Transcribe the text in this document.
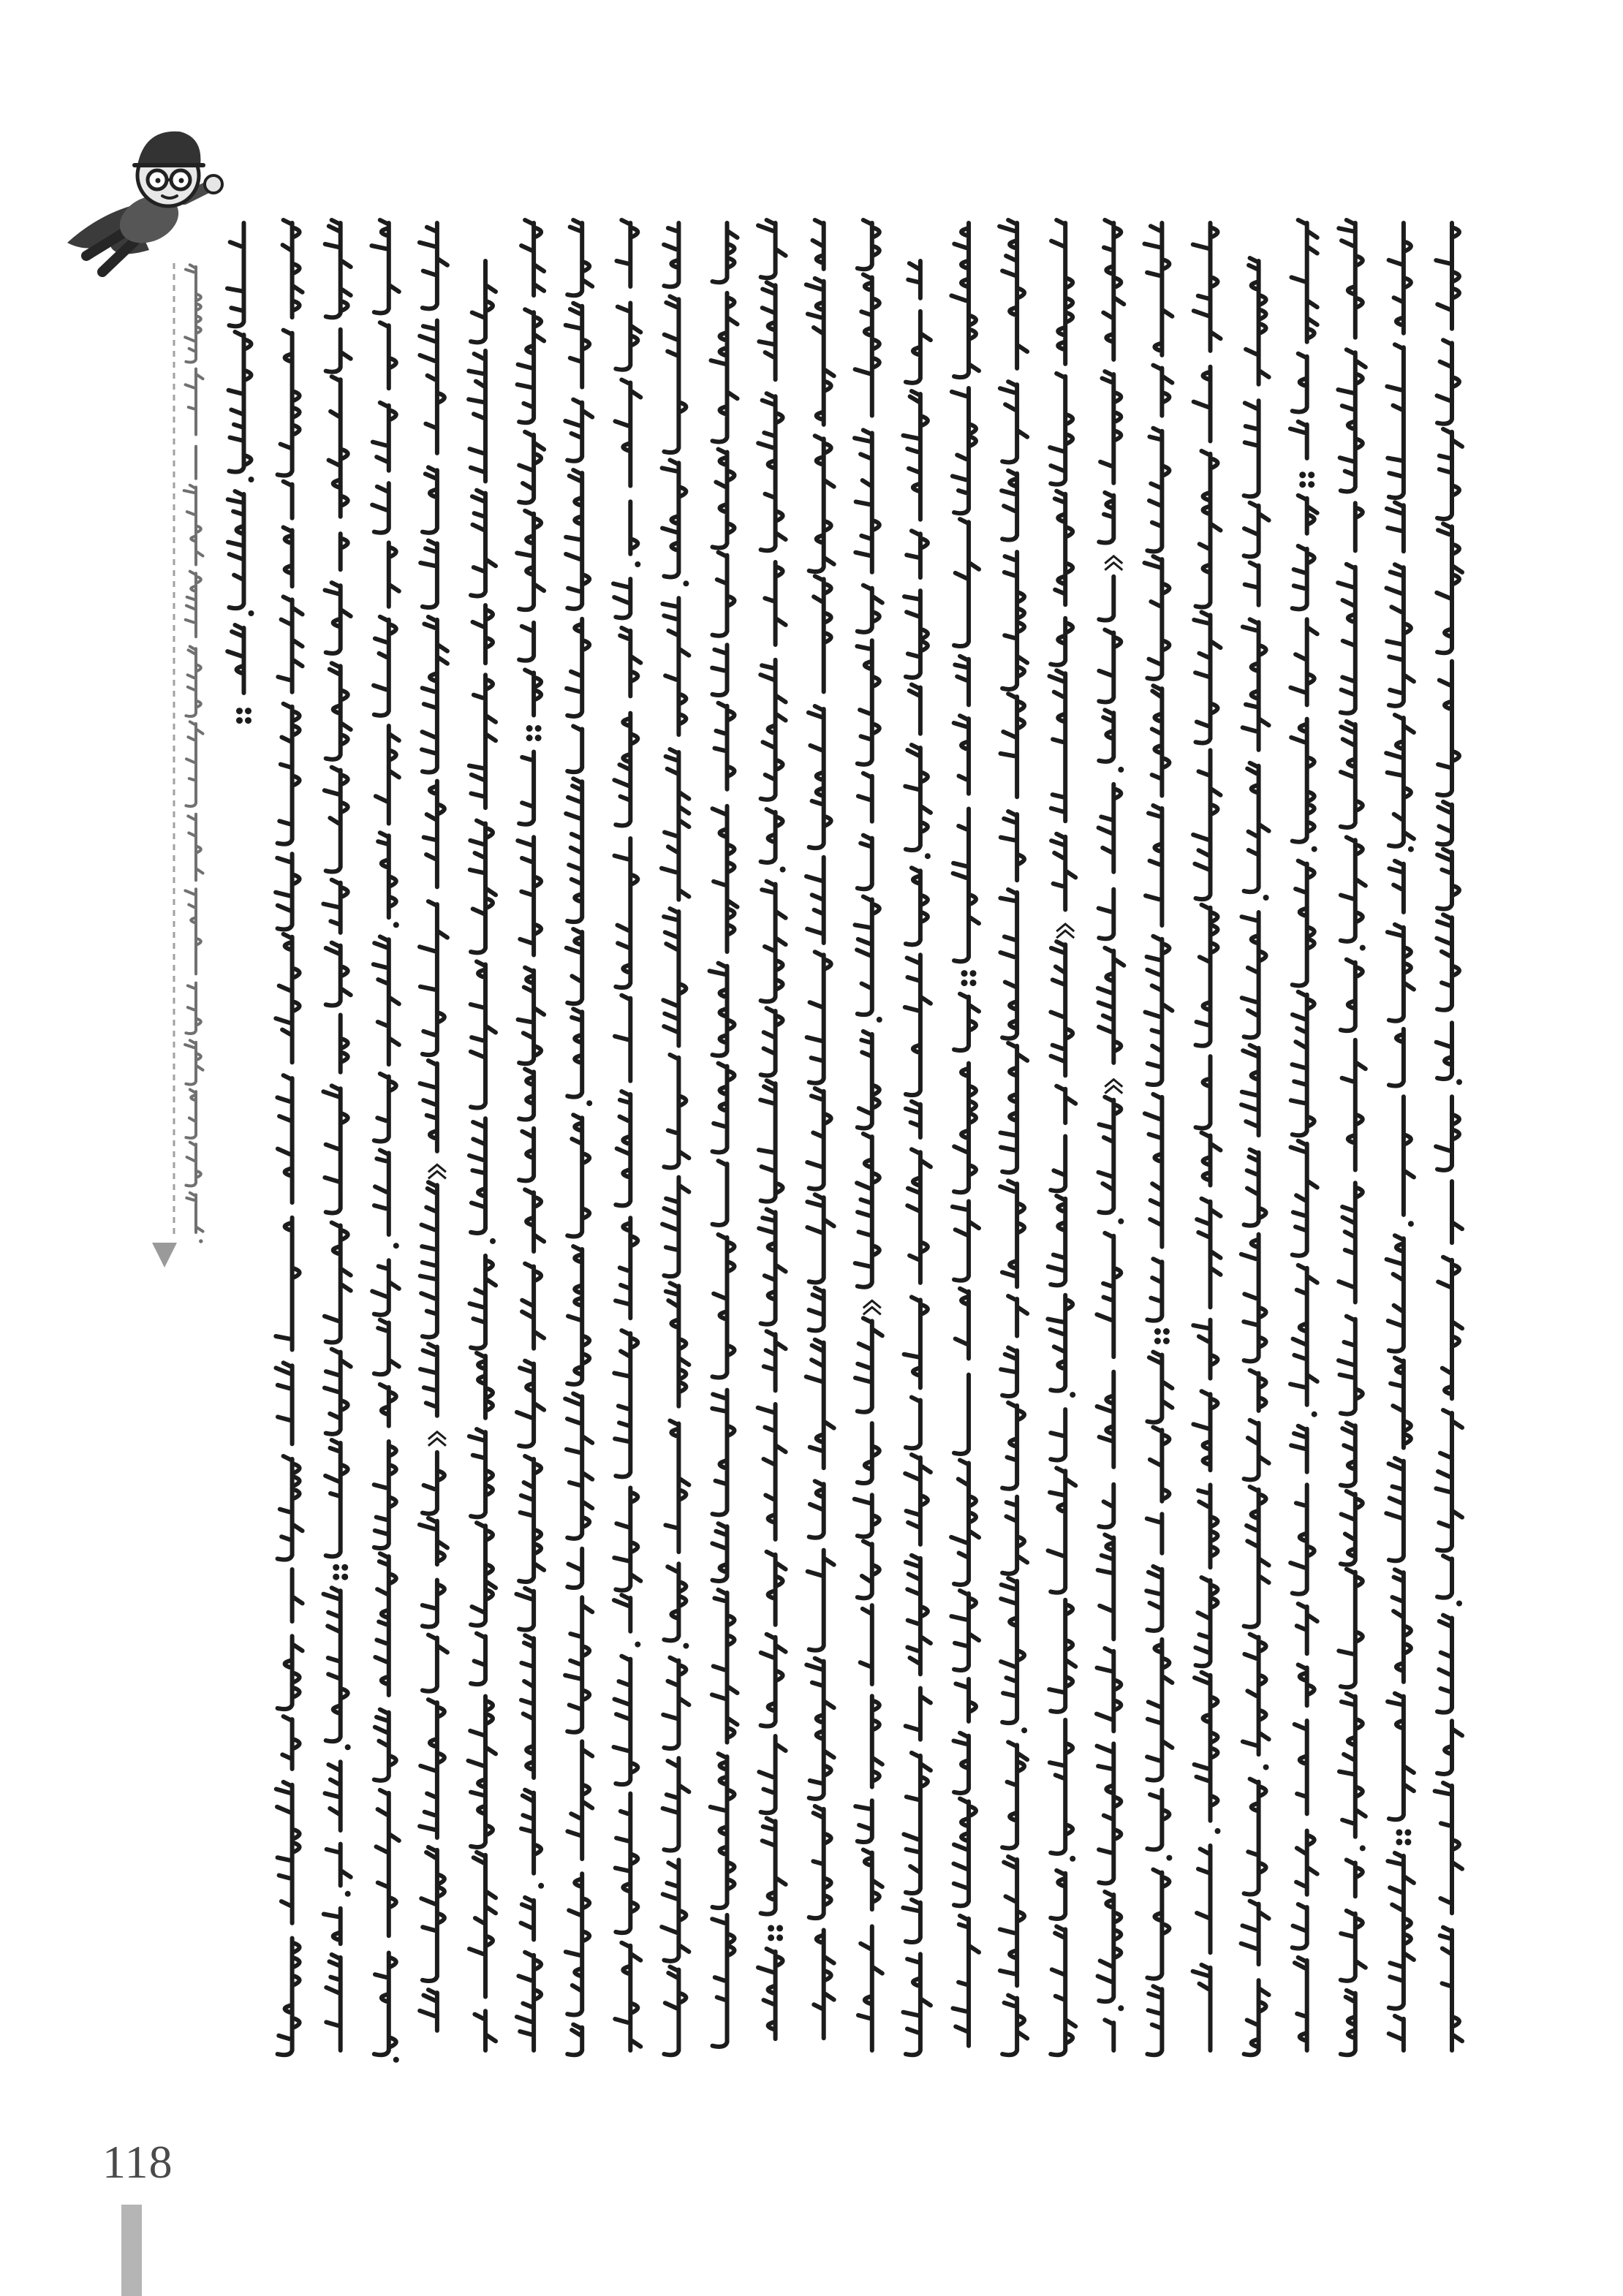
118
